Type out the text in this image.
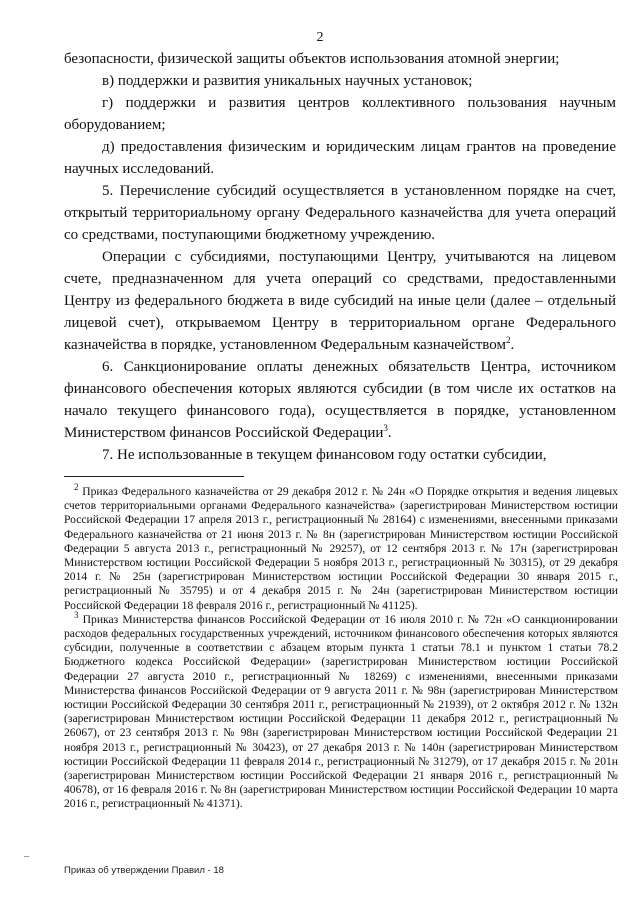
2

безопасности, физической защиты объектов использования атомной энергии;

в) поддержки и развития уникальных научных установок;

г) поддержки и развития центров коллективного пользования научным оборудованием;

д) предоставления физическим и юридическим лицам грантов на проведение научных исследований.

5. Перечисление субсидий осуществляется в установленном порядке на счет, открытый территориальному органу Федерального казначейства для учета операций со средствами, поступающими бюджетному учреждению.

Операции с субсидиями, поступающими Центру, учитываются на лицевом счете, предназначенном для учета операций со средствами, предоставленными Центру из федерального бюджета в виде субсидий на иные цели (далее – отдельный лицевой счет), открываемом Центру в территориальном органе Федерального казначейства в порядке, установленном Федеральным казначейством$^2$.

6. Санкционирование оплаты денежных обязательств Центра, источником финансового обеспечения которых являются субсидии (в том числе их остатков на начало текущего финансового года), осуществляется в порядке, установленном Министерством финансов Российской Федерации$^3$.

7. Не использованные в текущем финансовом году остатки субсидии,

$^2$ Приказ Федерального казначейства от 29 декабря 2012 г. № 24н «О Порядке открытия и ведения лицевых счетов территориальными органами Федерального казначейства» (зарегистрирован Министерством юстиции Российской Федерации 17 апреля 2013 г., регистрационный № 28164) с изменениями, внесенными приказами Федерального казначейства от 21 июня 2013 г. № 8н (зарегистрирован Министерством юстиции Российской Федерации 5 августа 2013 г., регистрационный № 29257), от 12 сентября 2013 г. № 17н (зарегистрирован Министерством юстиции Российской Федерации 5 ноября 2013 г., регистрационный № 30315), от 29 декабря 2014 г. № 25н (зарегистрирован Министерством юстиции Российской Федерации 30 января 2015 г., регистрационный № 35795) и от 4 декабря 2015 г. № 24н (зарегистрирован Министерством юстиции Российской Федерации 18 февраля 2016 г., регистрационный № 41125).

$^3$ Приказ Министерства финансов Российской Федерации от 16 июля 2010 г. № 72н «О санкционировании расходов федеральных государственных учреждений, источником финансового обеспечения которых являются субсидии, полученные в соответствии с абзацем вторым пункта 1 статьи 78.1 и пунктом 1 статьи 78.2 Бюджетного кодекса Российской Федерации» (зарегистрирован Министерством юстиции Российской Федерации 27 августа 2010 г., регистрационный № 18269) с изменениями, внесенными приказами Министерства финансов Российской Федерации от 9 августа 2011 г. № 98н (зарегистрирован Министерством юстиции Российской Федерации 30 сентября 2011 г., регистрационный № 21939), от 2 октября 2012 г. № 132н (зарегистрирован Министерством юстиции Российской Федерации 11 декабря 2012 г., регистрационный № 26067), от 23 сентября 2013 г. № 98н (зарегистрирован Министерством юстиции Российской Федерации 21 ноября 2013 г., регистрационный № 30423), от 27 декабря 2013 г. № 140н (зарегистрирован Министерством юстиции Российской Федерации 11 февраля 2014 г., регистрационный № 31279), от 17 декабря 2015 г. № 201н (зарегистрирован Министерством юстиции Российской Федерации 21 января 2016 г., регистрационный № 40678), от 16 февраля 2016 г. № 8н (зарегистрирован Министерством юстиции Российской Федерации 10 марта 2016 г., регистрационный № 41371).

–
Приказ об утверждении Правил - 18
